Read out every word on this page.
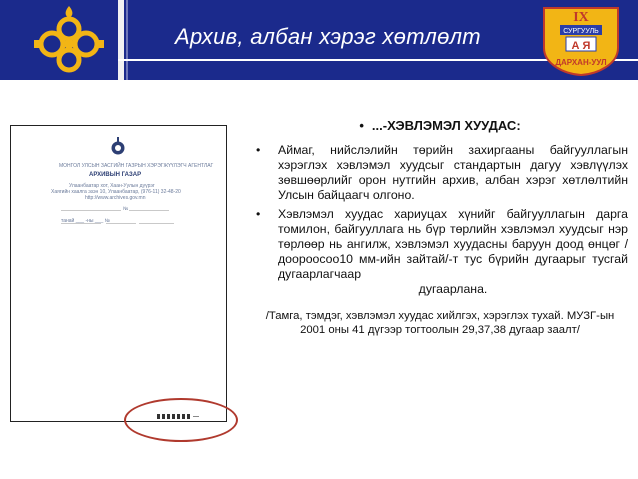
Архив, албан хэрэг хөтлөлт
IX
СУРГУУЛЬ
А Я
ДАРХАН-УУЛ
МОНГОЛ УЛСЫН ЗАСГИЙН ГАЗРЫН ХЭРЭГЖҮҮЛЭГЧ АГЕНТЛАГ
АРХИВЫН ГАЗАР
Улаанбаатар хот, Хаан-Уулын дүүрэг
Хаягийн хаалга эзэн 10, Улаанбаатар, (976-11) 32-48-20
http://www.archives.gov.mn
№
танай ___ -ны ___ №
• ...-ХЭВЛЭМЭЛ ХУУДАС:
• Аймаг, нийслэлийн төрийн захиргааны байгууллагын хэрэглэх хэвлэмэл хуудсыг стандартын дагуу хэвлүүлэх зөвшөөрлийг орон нутгийн архив, албан хэрэг хөтлөлтийн Улсын байцаагч олгоно.
• Хэвлэмэл хуудас хариуцах хүнийг байгууллагын дарга томилон, байгууллага нь бүр төрлийн хэвлэмэл хуудсыг нэр төрлөөр нь ангилж, хэвлэмэл хуудасны баруун доод өнцөг /доороосоо10 мм-ийн зайтай/-т тус бүрийн дугаарыг тусгай дугаарлагчаар
дугаарлана.
/Тамга, тэмдэг, хэвлэмэл хуудас хийлгэх, хэрэглэх тухай. МУЗГ-ын 2001 оны 41 дүгээр тогтоолын 29,37,38 дугаар заалт/
